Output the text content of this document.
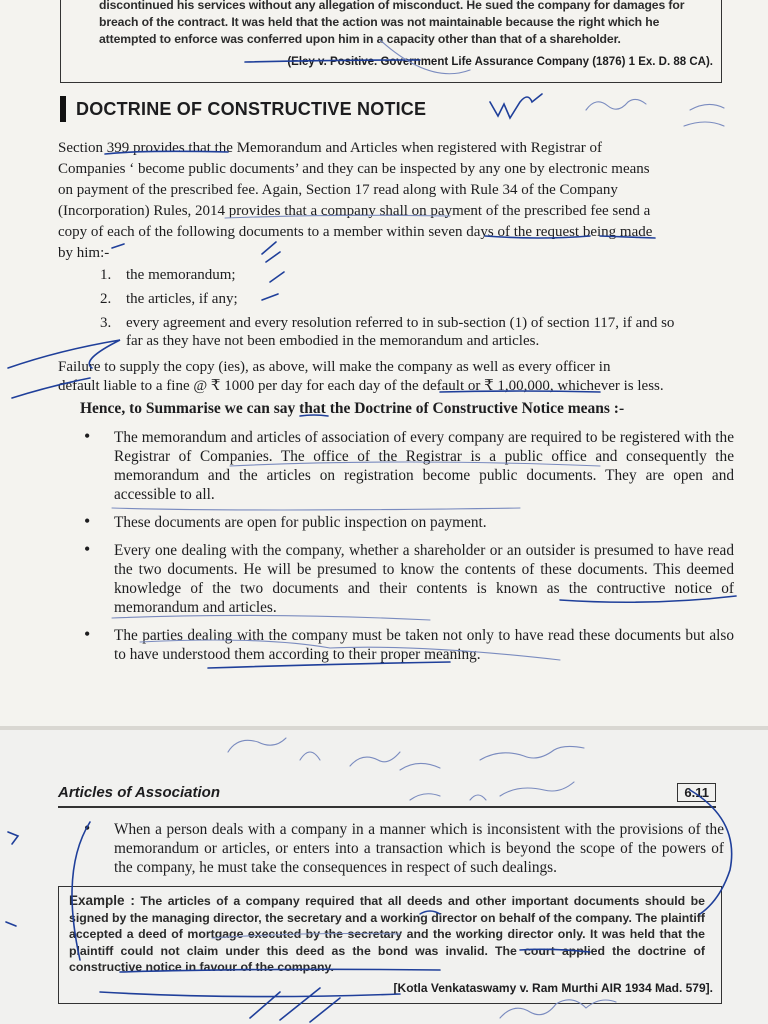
discontinued his services without any allegation of misconduct. He sued the company for damages for
breach of the contract. It was held that the action was not maintainable because the right which he
attempted to enforce was conferred upon him in a capacity other than that of a shareholder.
(Eley v. Positive. Government Life Assurance Company (1876) 1 Ex. D. 88 CA).
DOCTRINE OF CONSTRUCTIVE NOTICE
Section 399 provides that the Memorandum and Articles when registered with Registrar of
Companies ‘ become public documents’ and they can be inspected by any one by electronic means
on payment of the prescribed fee. Again, Section 17 read along with Rule 34 of the Company
(Incorporation) Rules, 2014 provides that a company shall on payment of the prescribed fee send a
copy of each of the following documents to a member within seven days of the request being made
by him:-
1. the memorandum;
2. the articles, if any;
3. every agreement and every resolution referred to in sub-section (1) of section 117, if and so
far as they have not been embodied in the memorandum and articles.
Failure to supply the copy (ies), as above, will make the company as well as every officer in
default liable to a fine @ ₹ 1000 per day for each day of the default or ₹ 1,00,000, whichever is less.
Hence, to Summarise we can say that the Doctrine of Constructive Notice means :-
• The memorandum and articles of association of every company are required to be registered with the Registrar of Companies. The office of the Registrar is a public office and consequently the memorandum and the articles on registration become public documents. They are open and accessible to all.
• These documents are open for public inspection on payment.
• Every one dealing with the company, whether a shareholder or an outsider is presumed to have read the two documents. He will be presumed to know the contents of these documents. This deemed knowledge of the two documents and their contents is known as the contructive notice of memorandum and articles.
• The parties dealing with the company must be taken not only to have read these documents but also to have understood them according to their proper meaning.
Articles of Association	6.11
• When a person deals with a company in a manner which is inconsistent with the provisions of the memorandum or articles, or enters into a transaction which is beyond the scope of the powers of the company, he must take the consequences in respect of such dealings.
Example : The articles of a company required that all deeds and other important documents should be signed by the managing director, the secretary and a working director on behalf of the company. The plaintiff accepted a deed of mortgage executed by the secretary and the working director only. It was held that the plaintiff could not claim under this deed as the bond was invalid. The court applied the doctrine of constructive notice in favour of the company.
[Kotla Venkataswamy v. Ram Murthi AIR 1934 Mad. 579].
